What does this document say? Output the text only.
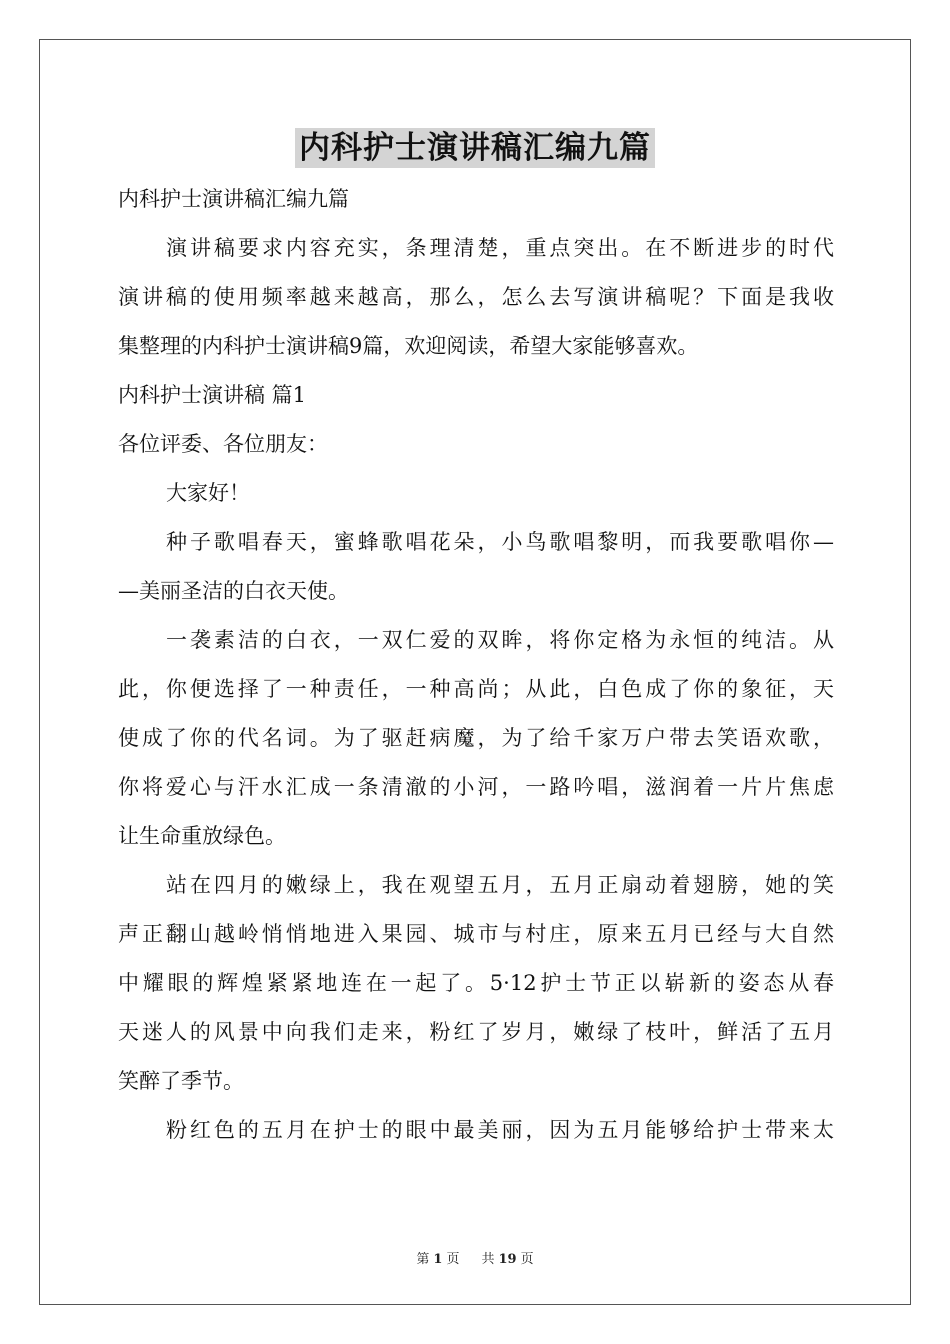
内科护士演讲稿汇编九篇
内科护士演讲稿汇编九篇
演讲稿要求内容充实，条理清楚，重点突出。在不断进步的时代
演讲稿的使用频率越来越高，那么，怎么去写演讲稿呢？下面是我收
集整理的内科护士演讲稿9篇，欢迎阅读，希望大家能够喜欢。
内科护士演讲稿 篇1
各位评委、各位朋友：
大家好！
种子歌唱春天，蜜蜂歌唱花朵，小鸟歌唱黎明，而我要歌唱你—
—美丽圣洁的白衣天使。
一袭素洁的白衣，一双仁爱的双眸，将你定格为永恒的纯洁。从
此，你便选择了一种责任，一种高尚；从此，白色成了你的象征，天
使成了你的代名词。为了驱赶病魔，为了给千家万户带去笑语欢歌，
你将爱心与汗水汇成一条清澈的小河，一路吟唱，滋润着一片片焦虑
让生命重放绿色。
站在四月的嫩绿上，我在观望五月，五月正扇动着翅膀，她的笑
声正翻山越岭悄悄地进入果园、城市与村庄，原来五月已经与大自然
中耀眼的辉煌紧紧地连在一起了。5·12护士节正以崭新的姿态从春
天迷人的风景中向我们走来，粉红了岁月，嫩绿了枝叶，鲜活了五月
笑醉了季节。
粉红色的五月在护士的眼中最美丽，因为五月能够给护士带来太
第 1 页 共 19 页
